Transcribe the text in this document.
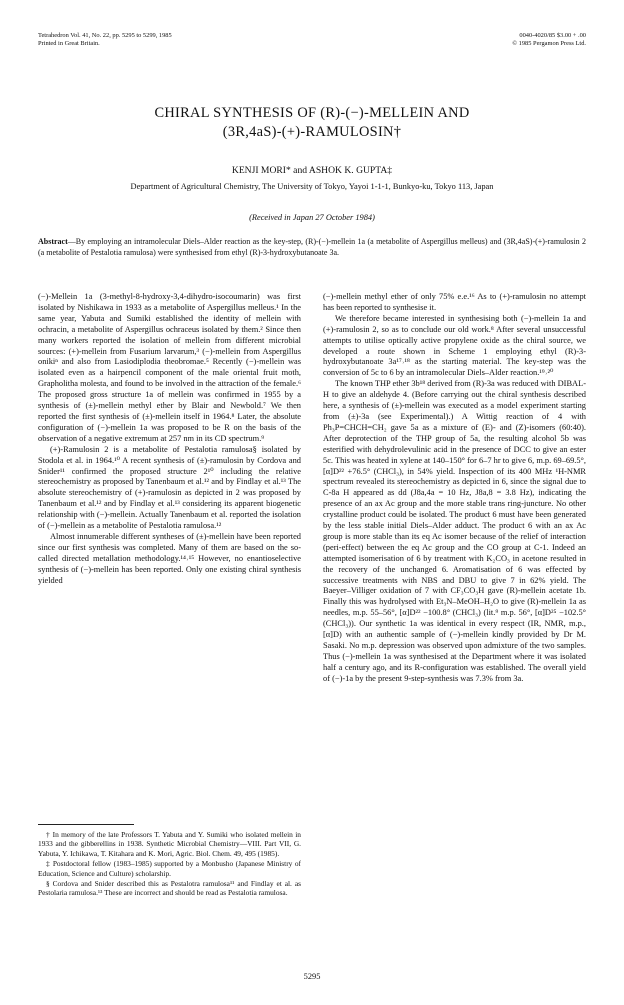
Tetrahedron Vol. 41, No. 22, pp. 5295 to 5299, 1985
Printed in Great Britain.
0040-4020/85 $3.00 + .00
© 1985 Pergamon Press Ltd.
CHIRAL SYNTHESIS OF (R)-(−)-MELLEIN AND
(3R,4aS)-(+)-RAMULOSIN†
KENJI MORI* and ASHOK K. GUPTA‡
Department of Agricultural Chemistry, The University of Tokyo, Yayoi 1-1-1, Bunkyo-ku, Tokyo 113, Japan
(Received in Japan 27 October 1984)
Abstract—By employing an intramolecular Diels–Alder reaction as the key-step, (R)-(−)-mellein 1a (a metabolite of Aspergillus melleus) and (3R,4aS)-(+)-ramulosin 2 (a metabolite of Pestalotia ramulosa) were synthesised from ethyl (R)-3-hydroxybutanoate 3a.

(−)-Mellein 1a (3-methyl-8-hydroxy-3,4-dihydro-isocoumarin) was first isolated by Nishikawa in 1933 as a metabolite of Aspergillus melleus.¹ In the same year, Yabuta and Sumiki established the identity of mellein with ochracin, a metabolite of Aspergillus ochraceus isolated by them.² Since then many workers reported the isolation of mellein from different microbial sources: (+)-mellein from Fusarium larvarum,³ (−)-mellein from Aspergillus onikiⁿ and also from Lasiodiplodia theobromae.⁵ Recently (−)-mellein was isolated even as a hairpencil component of the male oriental fruit moth, Grapholitha molesta, and found to be involved in the attraction of the female.⁶ The proposed gross structure 1a of mellein was confirmed in 1955 by a synthesis of (±)-mellein methyl ether by Blair and Newbold.⁷ We then reported the first synthesis of (±)-mellein itself in 1964.⁸ Later, the absolute configuration of (−)-mellein 1a was proposed to be R on the basis of the observation of a negative extremum at 257 nm in its CD spectrum.⁹

(+)-Ramulosin 2 is a metabolite of Pestalotia ramulosa§ isolated by Stodola et al. in 1964.¹⁰ A recent synthesis of (±)-ramulosin by Cordova and Snider¹¹ confirmed the proposed structure 2¹⁰ including the relative stereochemistry as proposed by Tanenbaum et al.¹² and by Findlay et al.¹³ The absolute stereochemistry of (+)-ramulosin as depicted in 2 was proposed by Tanenbaum et al.¹² and by Findlay et al.¹³ considering its apparent biogenetic relationship with (−)-mellein. Actually Tanenbaum et al. reported the isolation of (−)-mellein as a metabolite of Pestalotia ramulosa.¹²

Almost innumerable different syntheses of (±)-mellein have been reported since our first synthesis was completed. Many of them are based on the so-called directed metallation methodology.¹⁴˒¹⁵ However, no enantioselective synthesis of (−)-mellein has been reported. Only one existing chiral synthesis yielded

(−)-mellein methyl ether of only 75% e.e.¹⁶ As to (+)-ramulosin no attempt has been reported to synthesise it.

We therefore became interested in synthesising both (−)-mellein 1a and (+)-ramulosin 2, so as to conclude our old work.⁸ After several unsuccessful attempts to utilise optically active propylene oxide as the chiral source, we developed a route shown in Scheme 1 employing ethyl (R)-3-hydroxybutanoate 3a¹⁷˒¹⁸ as the starting material. The key-step was the conversion of 5c to 6 by an intramolecular Diels–Alder reaction.¹⁹˒²⁰

The known THP ether 3b¹⁸ derived from (R)-3a was reduced with DIBAL-H to give an aldehyde 4. (Before carrying out the chiral synthesis described here, a synthesis of (±)-mellein was executed as a model experiment starting from (±)-3a (see Experimental).) A Wittig reaction of 4 with Ph₃P=CHCH=CH₂ gave 5a as a mixture of (E)- and (Z)-isomers (60:40). After deprotection of the THP group of 5a, the resulting alcohol 5b was esterified with dehydrolevulinic acid in the presence of DCC to give an ester 5c. This was heated in xylene at 140–150° for 6–7 hr to give 6, m.p. 69–69.5°, [α]D²² +76.5° (CHCl₃), in 54% yield. Inspection of its 400 MHz ¹H-NMR spectrum revealed its stereochemistry as depicted in 6, since the signal due to C-8a H appeared as dd (J8a,4a = 10 Hz, J8a,8 = 3.8 Hz), indicating the presence of an ax Ac group and the more stable trans ring-juncture. No other crystalline product could be isolated. The product 6 must have been generated by the less stable initial Diels–Alder adduct. The product 6 with an ax Ac group is more stable than its eq Ac isomer because of the relief of interaction (peri-effect) between the eq Ac group and the CO group at C-1. Indeed an attempted isomerisation of 6 by treatment with K₂CO₃ in acetone resulted in the recovery of the unchanged 6. Aromatisation of 6 was effected by successive treatments with NBS and DBU to give 7 in 62% yield. The Baeyer–Villiger oxidation of 7 with CF₃CO₃H gave (R)-mellein acetate 1b. Finally this was hydrolysed with Et₃N–MeOH–H₂O to give (R)-mellein 1a as needles, m.p. 55–56°, [α]D²² −100.8° (CHCl₃) (lit.⁹ m.p. 56°, [α]D²⁵ −102.5° (CHCl₃)). Our synthetic 1a was identical in every respect (IR, NMR, m.p., [α]D) with an authentic sample of (−)-mellein kindly provided by Dr M. Sasaki. No m.p. depression was observed upon admixture of the two samples. Thus (−)-mellein 1a was synthesised at the Department where it was isolated half a century ago, and its R-configuration was established. The overall yield of (−)-1a by the present 9-step-synthesis was 7.3% from 3a.

† In memory of the late Professors T. Yabuta and Y. Sumiki who isolated mellein in 1933 and the gibberellins in 1938. Synthetic Microbial Chemistry—VIII. Part VII, G. Yabuta, Y. Ichikawa, T. Kitahara and K. Mori, Agric. Biol. Chem. 49, 495 (1985).

‡ Postdoctoral fellow (1983–1985) supported by a Monbusho (Japanese Ministry of Education, Science and Culture) scholarship.

§ Cordova and Snider described this as Pestalotra ramulosa¹¹ and Findlay et al. as Pestolaria ramulosa.¹³ These are incorrect and should be read as Pestalotia ramulosa.

5295
